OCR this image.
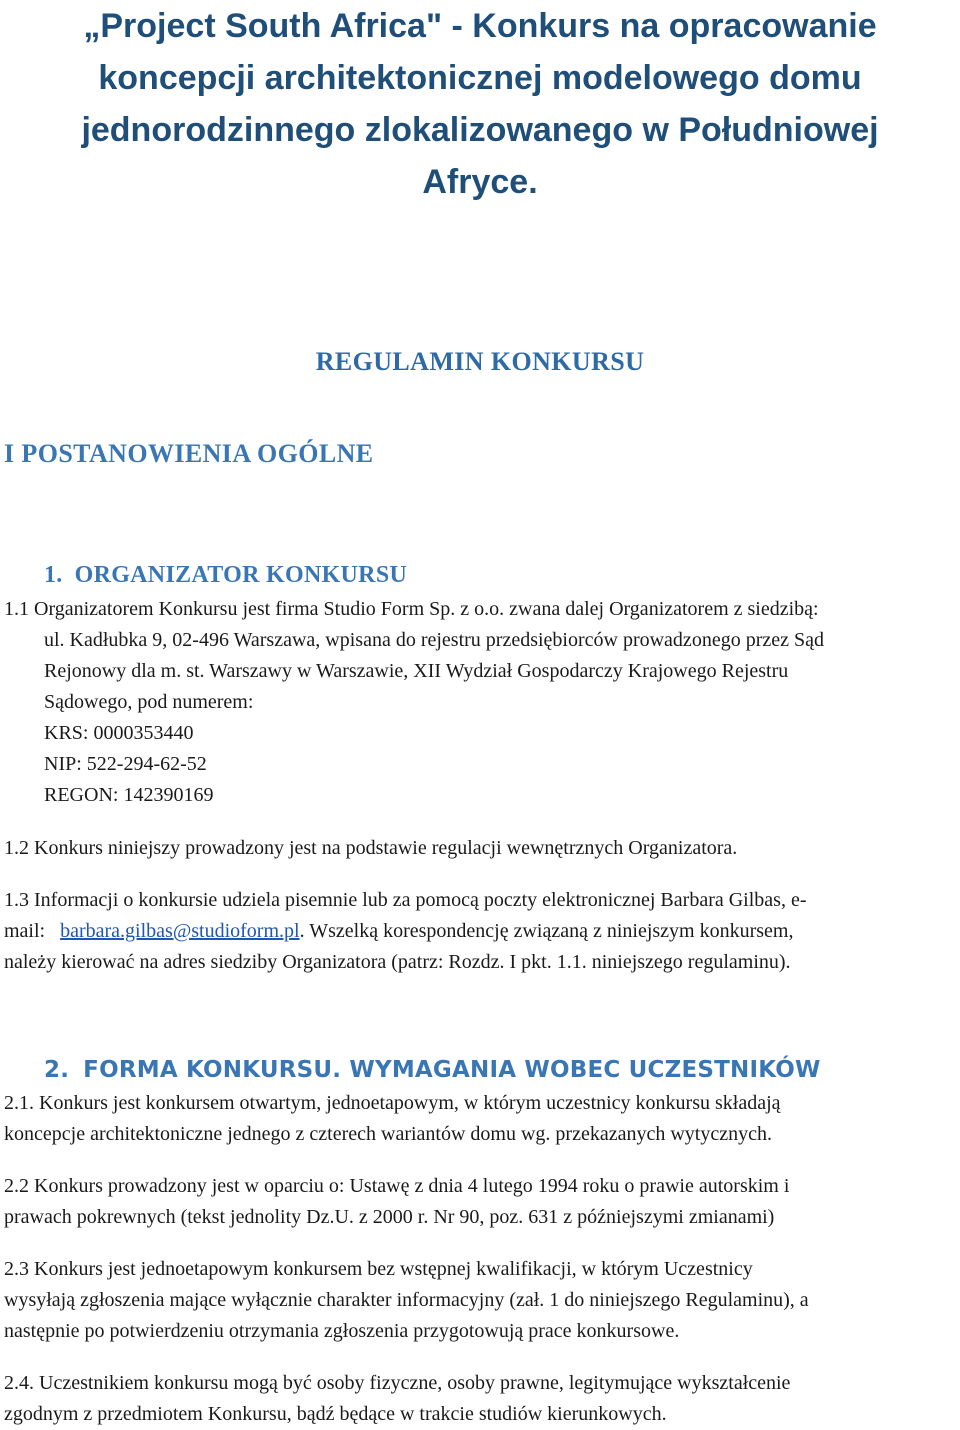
„Project South Africa" - Konkurs na opracowanie
koncepcji architektonicznej modelowego domu
jednorodzinnego zlokalizowanego w Południowej
Afryce.
REGULAMIN KONKURSU
I POSTANOWIENIA OGÓLNE
1. ORGANIZATOR KONKURSU

1.1 Organizatorem Konkursu jest firma Studio Form Sp. z o.o. zwana dalej Organizatorem z siedzibą:

ul. Kadłubka 9, 02-496 Warszawa, wpisana do rejestru przedsiębiorców prowadzonego przez Sąd

Rejonowy dla m. st. Warszawy w Warszawie, XII Wydział Gospodarczy Krajowego Rejestru

Sądowego, pod numerem:

KRS: 0000353440

NIP: 522-294-62-52

REGON: 142390169

1.2 Konkurs niniejszy prowadzony jest na podstawie regulacji wewnętrznych Organizatora.

1.3 Informacji o konkursie udziela pisemnie lub za pomocą poczty elektronicznej Barbara Gilbas, e-

mail:   barbara.gilbas@studioform.pl. Wszelką korespondencję związaną z niniejszym konkursem,

należy kierować na adres siedziby Organizatora (patrz: Rozdz. I pkt. 1.1. niniejszego regulaminu).

2. FORMA KONKURSU. WYMAGANIA WOBEC UCZESTNIKÓW

2.1. Konkurs jest konkursem otwartym, jednoetapowym, w którym uczestnicy konkursu składają

koncepcje architektoniczne jednego z czterech wariantów domu wg. przekazanych wytycznych.

2.2 Konkurs prowadzony jest w oparciu o: Ustawę z dnia 4 lutego 1994 roku o prawie autorskim i

prawach pokrewnych (tekst jednolity Dz.U. z 2000 r. Nr 90, poz. 631 z późniejszymi zmianami)

2.3 Konkurs jest jednoetapowym konkursem bez wstępnej kwalifikacji, w którym Uczestnicy

wysyłają zgłoszenia mające wyłącznie charakter informacyjny (zał. 1 do niniejszego Regulaminu), a

następnie po potwierdzeniu otrzymania zgłoszenia przygotowują prace konkursowe.

2.4. Uczestnikiem konkursu mogą być osoby fizyczne, osoby prawne, legitymujące wykształcenie

zgodnym z przedmiotem Konkursu, bądź będące w trakcie studiów kierunkowych.
